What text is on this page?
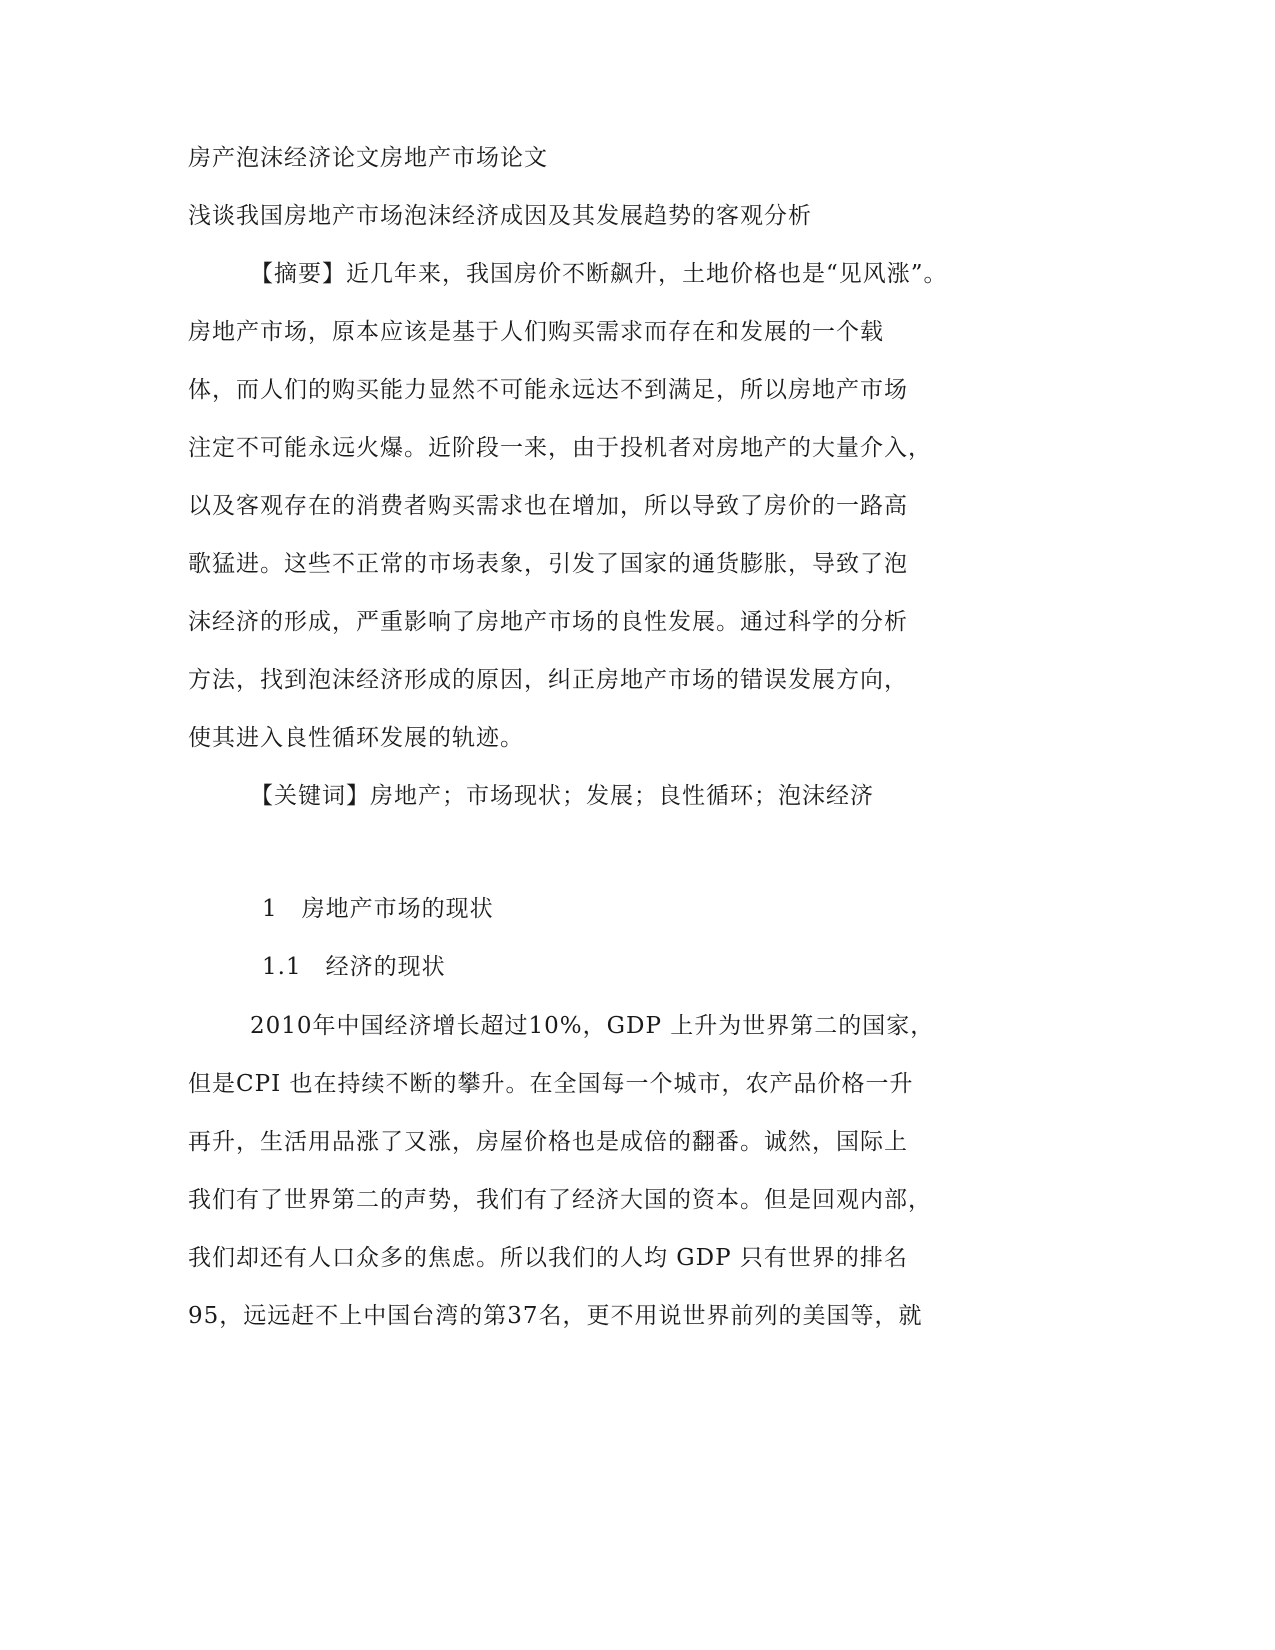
房产泡沫经济论文房地产市场论文
浅谈我国房地产市场泡沫经济成因及其发展趋势的客观分析
【摘要】近几年来，我国房价不断飙升，土地价格也是“见风涨”。
房地产市场，原本应该是基于人们购买需求而存在和发展的一个载
体，而人们的购买能力显然不可能永远达不到满足，所以房地产市场
注定不可能永远火爆。近阶段一来，由于投机者对房地产的大量介入，
以及客观存在的消费者购买需求也在增加，所以导致了房价的一路高
歌猛进。这些不正常的市场表象，引发了国家的通货膨胀，导致了泡
沫经济的形成，严重影响了房地产市场的良性发展。通过科学的分析
方法，找到泡沫经济形成的原因，纠正房地产市场的错误发展方向，
使其进入良性循环发展的轨迹。
【关键词】房地产；市场现状；发展；良性循环；泡沫经济
1　房地产市场的现状
1.1　经济的现状
2010年中国经济增长超过10%，GDP 上升为世界第二的国家，
但是CPI 也在持续不断的攀升。在全国每一个城市，农产品价格一升
再升，生活用品涨了又涨，房屋价格也是成倍的翻番。诚然，国际上
我们有了世界第二的声势，我们有了经济大国的资本。但是回观内部，
我们却还有人口众多的焦虑。所以我们的人均 GDP 只有世界的排名
95，远远赶不上中国台湾的第37名，更不用说世界前列的美国等，就
